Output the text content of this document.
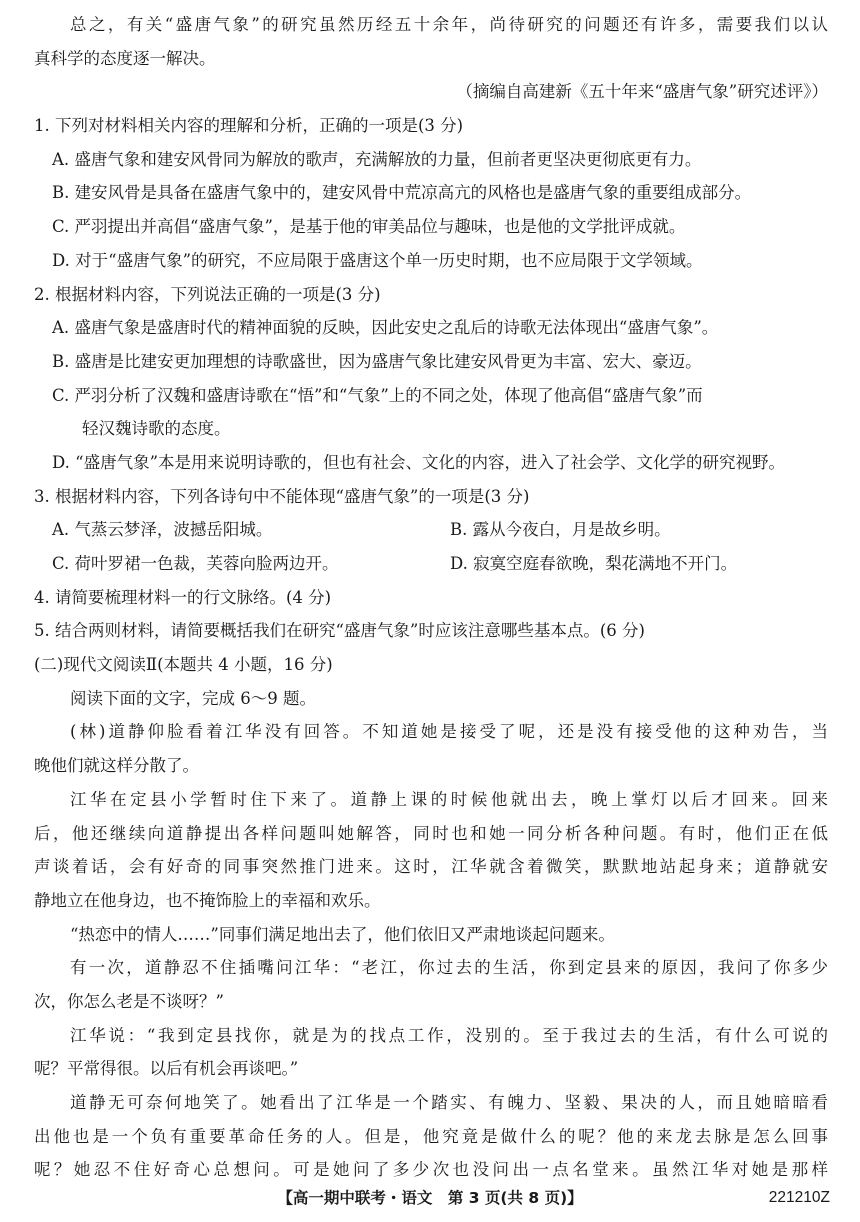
总之，有关“盛唐气象”的研究虽然历经五十余年，尚待研究的问题还有许多，需要我们以认
真科学的态度逐一解决。
（摘编自高建新《五十年来“盛唐气象”研究述评》）
1. 下列对材料相关内容的理解和分析，正确的一项是(3 分)
A. 盛唐气象和建安风骨同为解放的歌声，充满解放的力量，但前者更坚决更彻底更有力。
B. 建安风骨是具备在盛唐气象中的，建安风骨中荒凉高亢的风格也是盛唐气象的重要组成部分。
C. 严羽提出并高倡“盛唐气象”，是基于他的审美品位与趣味，也是他的文学批评成就。
D. 对于“盛唐气象”的研究，不应局限于盛唐这个单一历史时期，也不应局限于文学领域。
2. 根据材料内容，下列说法正确的一项是(3 分)
A. 盛唐气象是盛唐时代的精神面貌的反映，因此安史之乱后的诗歌无法体现出“盛唐气象”。
B. 盛唐是比建安更加理想的诗歌盛世，因为盛唐气象比建安风骨更为丰富、宏大、豪迈。
C. 严羽分析了汉魏和盛唐诗歌在“悟”和“气象”上的不同之处，体现了他高倡“盛唐气象”而
轻汉魏诗歌的态度。
D. “盛唐气象”本是用来说明诗歌的，但也有社会、文化的内容，进入了社会学、文化学的研究视野。
3. 根据材料内容，下列各诗句中不能体现“盛唐气象”的一项是(3 分)
A. 气蒸云梦泽，波撼岳阳城。	B. 露从今夜白，月是故乡明。
C. 荷叶罗裙一色裁，芙蓉向脸两边开。	D. 寂寞空庭春欲晚，梨花满地不开门。
4. 请简要梳理材料一的行文脉络。(4 分)
5. 结合两则材料，请简要概括我们在研究“盛唐气象”时应该注意哪些基本点。(6 分)
(二)现代文阅读Ⅱ(本题共 4 小题，16 分)
阅读下面的文字，完成 6～9 题。
(林)道静仰脸看着江华没有回答。不知道她是接受了呢，还是没有接受他的这种劝告，当
晚他们就这样分散了。
江华在定县小学暂时住下来了。道静上课的时候他就出去，晚上掌灯以后才回来。回来
后，他还继续向道静提出各样问题叫她解答，同时也和她一同分析各种问题。有时，他们正在低
声谈着话，会有好奇的同事突然推门进来。这时，江华就含着微笑，默默地站起身来；道静就安
静地立在他身边，也不掩饰脸上的幸福和欢乐。
“热恋中的情人……”同事们满足地出去了，他们依旧又严肃地谈起问题来。
有一次，道静忍不住插嘴问江华：“老江，你过去的生活，你到定县来的原因，我问了你多少
次，你怎么老是不谈呀？”
江华说：“我到定县找你，就是为的找点工作，没别的。至于我过去的生活，有什么可说的
呢？平常得很。以后有机会再谈吧。”
道静无可奈何地笑了。她看出了江华是一个踏实、有魄力、坚毅、果决的人，而且她暗暗看
出他也是一个负有重要革命任务的人。但是，他究竟是做什么的呢？他的来龙去脉是怎么回事
呢？她忍不住好奇心总想问。可是她问了多少次也没问出一点名堂来。虽然江华对她是那样
【高一期中联考・语文　第 3 页(共 8 页)】	221210Z
